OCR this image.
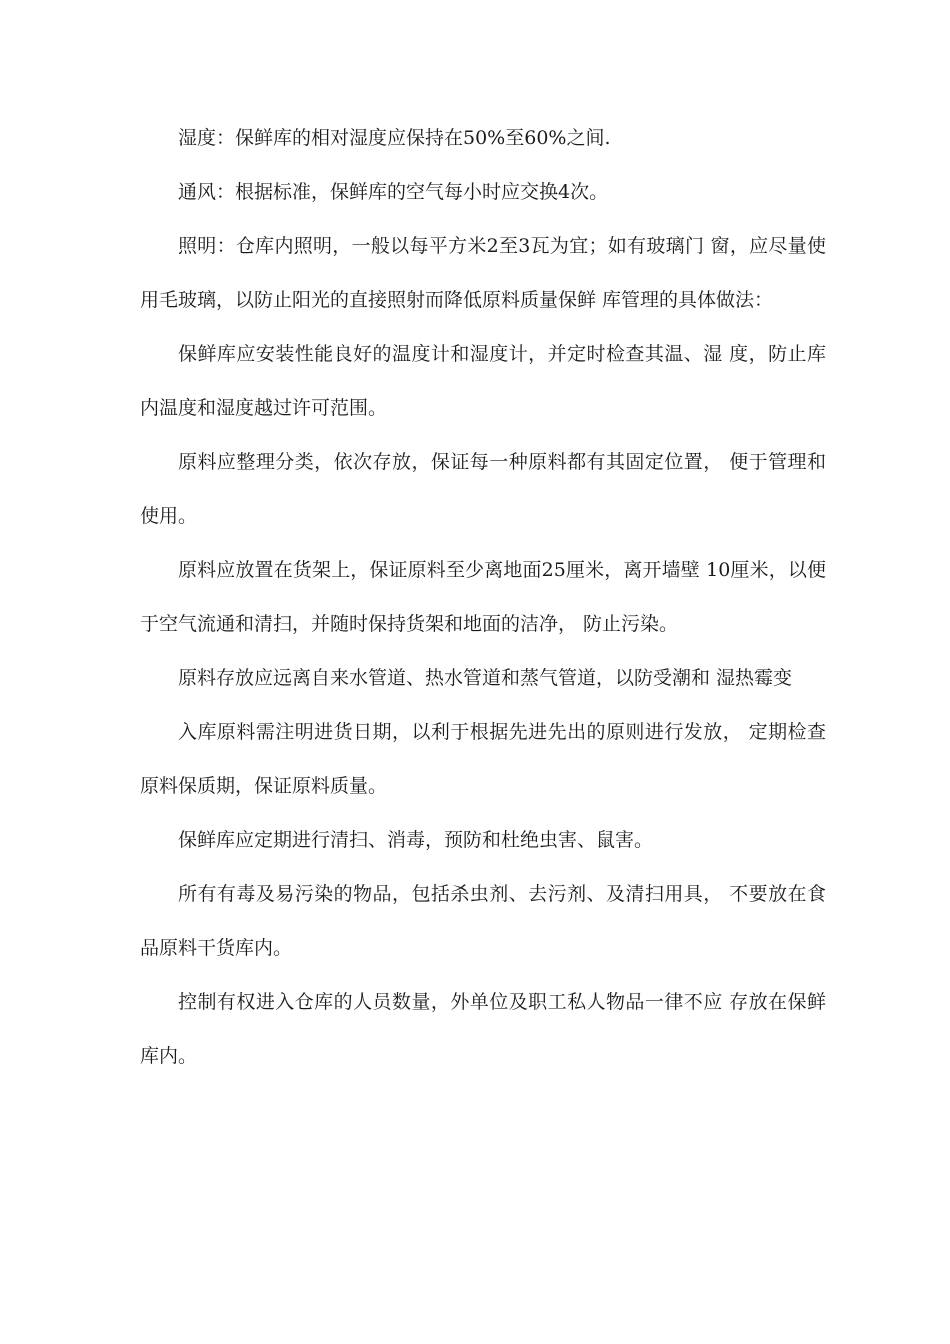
湿度：保鲜库的相对湿度应保持在50%至60%之间.

通风：根据标准，保鲜库的空气每小时应交换4次。

照明：仓库内照明，一般以每平方米2至3瓦为宜；如有玻璃门 窗，应尽量使用毛玻璃，以防止阳光的直接照射而降低原料质量保鲜 库管理的具体做法：

保鲜库应安装性能良好的温度计和湿度计，并定时检查其温、湿 度，防止库内温度和湿度越过许可范围。

原料应整理分类，依次存放，保证每一种原料都有其固定位置， 便于管理和使用。

原料应放置在货架上，保证原料至少离地面25厘米，离开墙壁 10厘米，以便于空气流通和清扫，并随时保持货架和地面的洁净， 防止污染。

原料存放应远离自来水管道、热水管道和蒸气管道，以防受潮和 湿热霉变

入库原料需注明进货日期，以利于根据先进先出的原则进行发放， 定期检查原料保质期，保证原料质量。

保鲜库应定期进行清扫、消毒，预防和杜绝虫害、鼠害。

所有有毒及易污染的物品，包括杀虫剂、去污剂、及清扫用具， 不要放在食品原料干货库内。

控制有权进入仓库的人员数量，外单位及职工私人物品一律不应 存放在保鲜库内。
